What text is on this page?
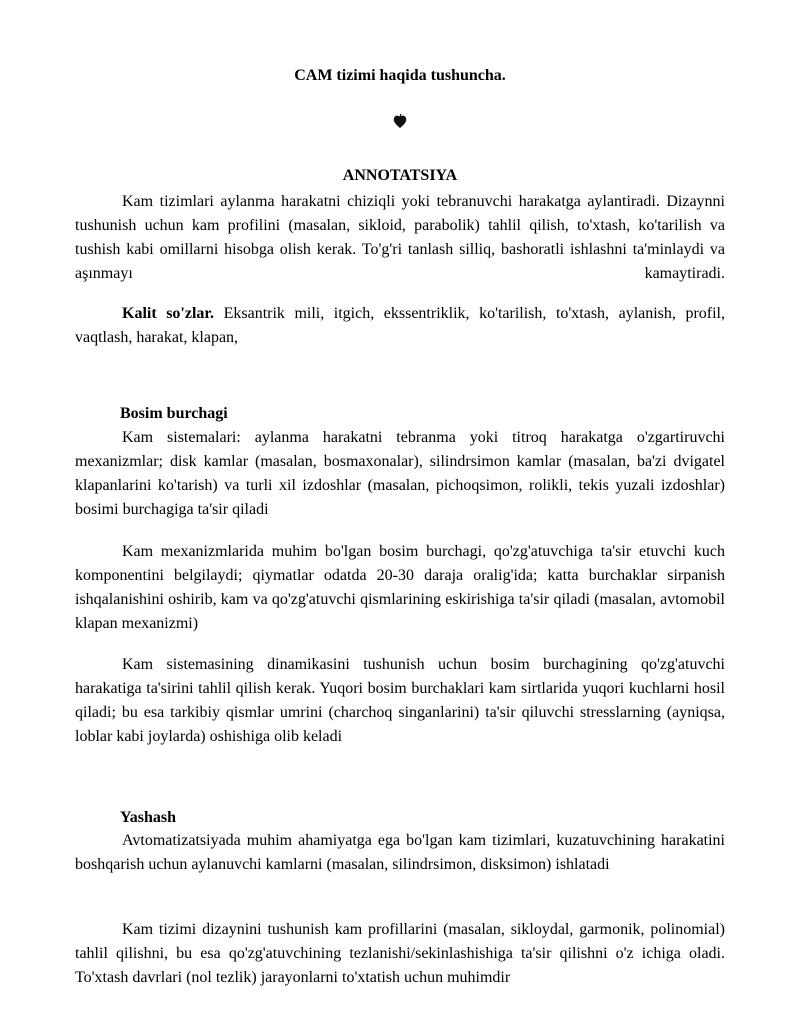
CAM tizimi haqida tushuncha.
ANNOTATSIYA

Kam tizimlari aylanma harakatni chiziqli yoki tebranuvchi harakatga aylantiradi. Dizaynni tushunish uchun kam profilini (masalan, sikloid, parabolik) tahlil qilish, to'xtash, ko'tarilish va tushish kabi omillarni hisobga olish kerak. To'g'ri tanlash silliq, bashoratli ishlashni ta'minlaydi va aşınmayı kamaytiradi.

Kalit so'zlar. Eksantrik mili, itgich, ekssentriklik, ko'tarilish, to'xtash, aylanish, profil, vaqtlash, harakat, klapan,

Bosim burchagi

Kam sistemalari: aylanma harakatni tebranma yoki titroq harakatga o'zgartiruvchi mexanizmlar; disk kamlar (masalan, bosmaxonalar), silindrsimon kamlar (masalan, ba'zi dvigatel klapanlarini ko'tarish) va turli xil izdoshlar (masalan, pichoqsimon, rolikli, tekis yuzali izdoshlar) bosimi burchagiga ta'sir qiladi

Kam mexanizmlarida muhim bo'lgan bosim burchagi, qo'zg'atuvchiga ta'sir etuvchi kuch komponentini belgilaydi; qiymatlar odatda 20-30 daraja oralig'ida; katta burchaklar sirpanish ishqalanishini oshirib, kam va qo'zg'atuvchi qismlarining eskirishiga ta'sir qiladi (masalan, avtomobil klapan mexanizmi)

Kam sistemasining dinamikasini tushunish uchun bosim burchagining qo'zg'atuvchi harakatiga ta'sirini tahlil qilish kerak. Yuqori bosim burchaklari kam sirtlarida yuqori kuchlarni hosil qiladi; bu esa tarkibiy qismlar umrini (charchoq singanlarini) ta'sir qiluvchi stresslarning (ayniqsa, loblar kabi joylarda) oshishiga olib keladi

Yashash

Avtomatizatsiyada muhim ahamiyatga ega bo'lgan kam tizimlari, kuzatuvchining harakatini boshqarish uchun aylanuvchi kamlarni (masalan, silindrsimon, disksimon) ishlatadi

Kam tizimi dizaynini tushunish kam profillarini (masalan, sikloydal, garmonik, polinomial) tahlil qilishni, bu esa qo'zg'atuvchining tezlanishi/sekinlashishiga ta'sir qilishni o'z ichiga oladi. To'xtash davrlari (nol tezlik) jarayonlarni to'xtatish uchun muhimdir
